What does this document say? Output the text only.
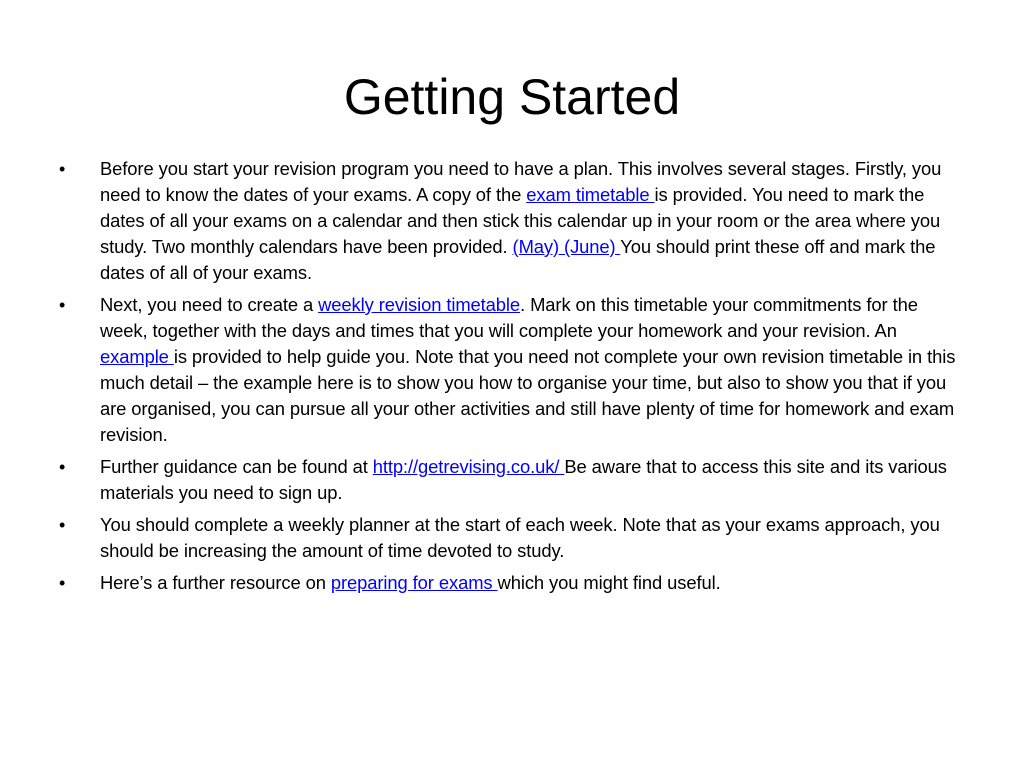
Getting Started
• Before you start your revision program you need to have a plan. This involves several stages. Firstly, you need to know the dates of your exams. A copy of the exam timetable is provided. You need to mark the dates of all your exams on a calendar and then stick this calendar up in your room or the area where you study. Two monthly calendars have been provided. (May) (June) You should print these off and mark the dates of all of your exams.
• Next, you need to create a weekly revision timetable. Mark on this timetable your commitments for the week, together with the days and times that you will complete your homework and your revision. An example is provided to help guide you. Note that you need not complete your own revision timetable in this much detail – the example here is to show you how to organise your time, but also to show you that if you are organised, you can pursue all your other activities and still have plenty of time for homework and exam revision.
• Further guidance can be found at http://getrevising.co.uk/ Be aware that to access this site and its various materials you need to sign up.
• You should complete a weekly planner at the start of each week. Note that as your exams approach, you should be increasing the amount of time devoted to study.
• Here’s a further resource on preparing for exams which you might find useful.
